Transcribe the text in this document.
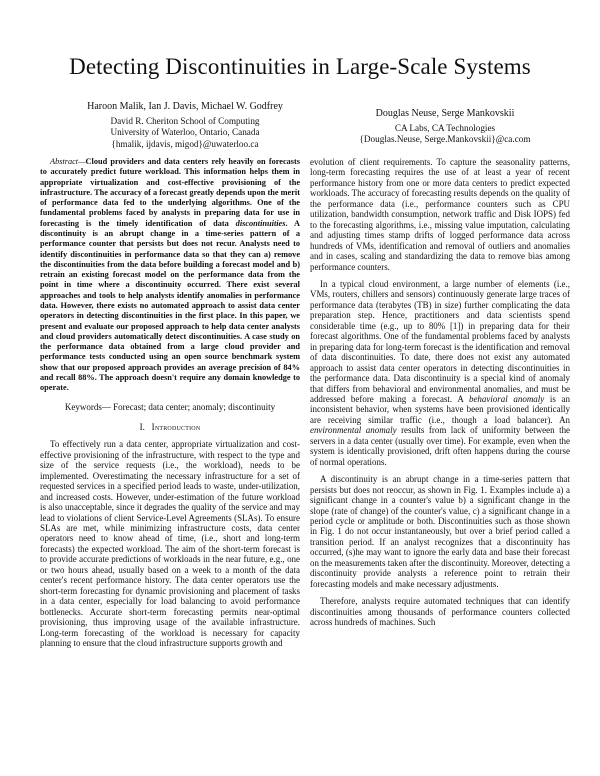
Detecting Discontinuities in Large-Scale Systems
Haroon Malik, Ian J. Davis, Michael W. Godfrey
David R. Cheriton School of Computing
University of Waterloo, Ontario, Canada
{hmalik, ijdavis, migod}@uwaterloo.ca
Douglas Neuse, Serge Mankovskii
CA Labs, CA Technologies
{Douglas.Neuse, Serge.Mankovskii}@ca.com

Abstract—Cloud providers and data centers rely heavily on forecasts to accurately predict future workload. This information helps them in appropriate virtualization and cost-effective provisioning of the infrastructure. The accuracy of a forecast greatly depends upon the merit of performance data fed to the underlying algorithms. One of the fundamental problems faced by analysts in preparing data for use in forecasting is the timely identification of data discontinuities. A discontinuity is an abrupt change in a time-series pattern of a performance counter that persists but does not recur. Analysts need to identify discontinuities in performance data so that they can a) remove the discontinuities from the data before building a forecast model and b) retrain an existing forecast model on the performance data from the point in time where a discontinuity occurred. There exist several approaches and tools to help analysts identify anomalies in performance data. However, there exists no automated approach to assist data center operators in detecting discontinuities in the first place. In this paper, we present and evaluate our proposed approach to help data center analysts and cloud providers automatically detect discontinuities. A case study on the performance data obtained from a large cloud provider and performance tests conducted using an open source benchmark system show that our proposed approach provides an average precision of 84% and recall 88%. The approach doesn't require any domain knowledge to operate.

Keywords— Forecast; data center; anomaly; discontinuity

I. Introduction

To effectively run a data center, appropriate virtualization and cost-effective provisioning of the infrastructure, with respect to the type and size of the service requests (i.e., the workload), needs to be implemented. Overestimating the necessary infrastructure for a set of requested services in a specified period leads to waste, under-utilization, and increased costs. However, under-estimation of the future workload is also unacceptable, since it degrades the quality of the service and may lead to violations of client Service-Level Agreements (SLAs). To ensure SLAs are met, while minimizing infrastructure costs, data center operators need to know ahead of time, (i.e., short and long-term forecasts) the expected workload. The aim of the short-term forecast is to provide accurate predictions of workloads in the near future, e.g., one or two hours ahead, usually based on a week to a month of the data center's recent performance history. The data center operators use the short-term forecasting for dynamic provisioning and placement of tasks in a data center, especially for load balancing to avoid performance bottlenecks. Accurate short-term forecasting permits near-optimal provisioning, thus improving usage of the available infrastructure. Long-term forecasting of the workload is necessary for capacity planning to ensure that the cloud infrastructure supports growth and

evolution of client requirements. To capture the seasonality patterns, long-term forecasting requires the use of at least a year of recent performance history from one or more data centers to predict expected workloads. The accuracy of forecasting results depends on the quality of the performance data (i.e., performance counters such as CPU utilization, bandwidth consumption, network traffic and Disk IOPS) fed to the forecasting algorithms, i.e., missing value imputation, calculating and adjusting times stamp drifts of logged performance data across hundreds of VMs, identification and removal of outliers and anomalies and in cases, scaling and standardizing the data to remove bias among performance counters.

In a typical cloud environment, a large number of elements (i.e., VMs, routers, chillers and sensors) continuously generate large traces of performance data (terabytes (TB) in size) further complicating the data preparation step. Hence, practitioners and data scientists spend considerable time (e.g., up to 80% [1]) in preparing data for their forecast algorithms. One of the fundamental problems faced by analysts in preparing data for long-term forecast is the identification and removal of data discontinuities. To date, there does not exist any automated approach to assist data center operators in detecting discontinuities in the performance data. Data discontinuity is a special kind of anomaly that differs from behavioral and environmental anomalies, and must be addressed before making a forecast. A behavioral anomaly is an inconsistent behavior, when systems have been provisioned identically are receiving similar traffic (i.e., though a load balancer). An environmental anomaly results from lack of uniformity between the servers in a data center (usually over time). For example, even when the system is identically provisioned, drift often happens during the course of normal operations.

A discontinuity is an abrupt change in a time-series pattern that persists but does not reoccur, as shown in Fig. 1. Examples include a) a significant change in a counter's value b) a significant change in the slope (rate of change) of the counter's value, c) a significant change in a period cycle or amplitude or both. Discontinuities such as those shown in Fig. 1 do not occur instantaneously, but over a brief period called a transition period. If an analyst recognizes that a discontinuity has occurred, (s)he may want to ignore the early data and base their forecast on the measurements taken after the discontinuity. Moreover, detecting a discontinuity provide analysts a reference point to retrain their forecasting models and make necessary adjustments.

Therefore, analysts require automated techniques that can identify discontinuities among thousands of performance counters collected across hundreds of machines. Such
